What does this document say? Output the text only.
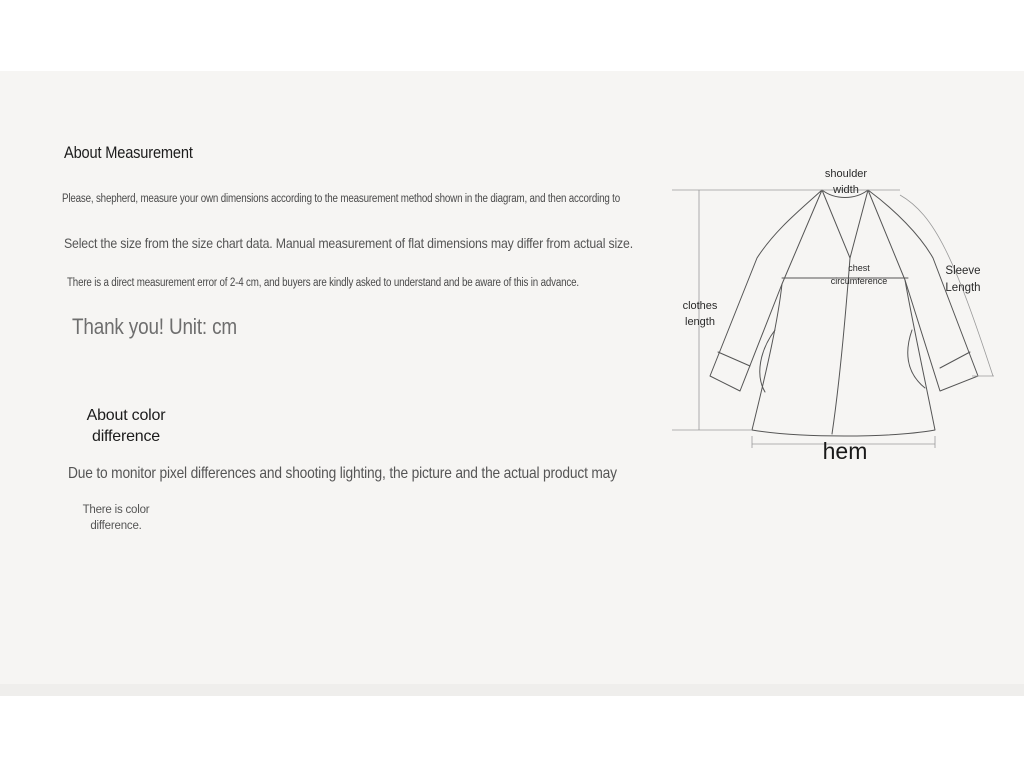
About Measurement
Please, shepherd, measure your own dimensions according to the measurement method shown in the diagram, and then according to
Select the size from the size chart data. Manual measurement of flat dimensions may differ from actual size.
There is a direct measurement error of 2-4 cm, and buyers are kindly asked to understand and be aware of this in advance.
Thank you! Unit: cm
About color difference
Due to monitor pixel differences and shooting lighting, the picture and the actual product may
There is color difference.
shoulder width
chest circumference
Sleeve Length
clothes length
hem
